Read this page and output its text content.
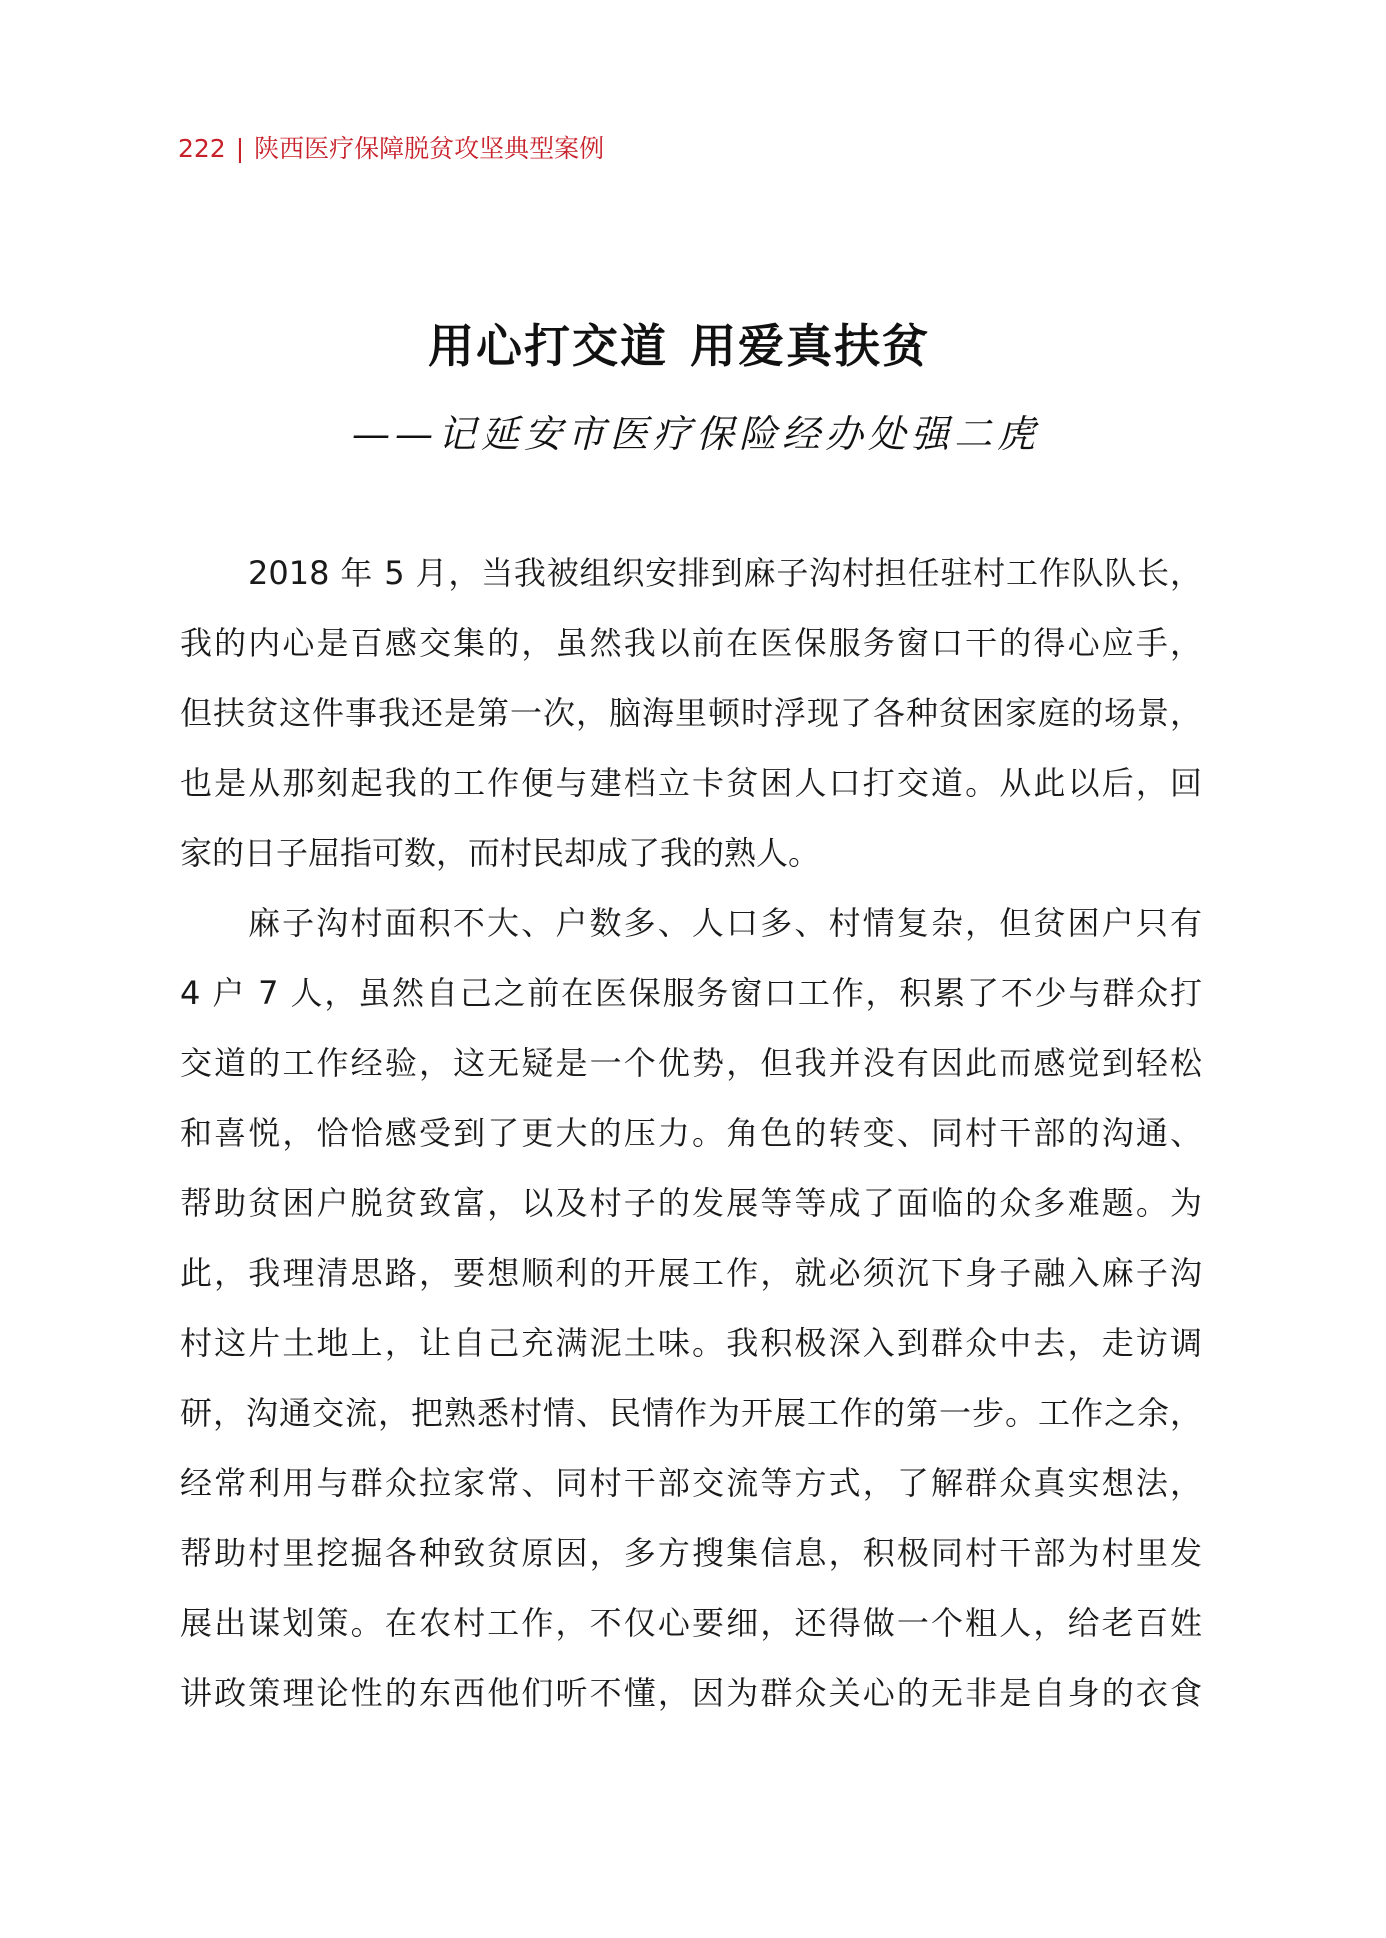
222 | 陕西医疗保障脱贫攻坚典型案例
用心打交道 用爱真扶贫
——记延安市医疗保险经办处强二虎
2018 年 5 月，当我被组织安排到麻子沟村担任驻村工作队队长，
我的内心是百感交集的，虽然我以前在医保服务窗口干的得心应手，
但扶贫这件事我还是第一次，脑海里顿时浮现了各种贫困家庭的场景，
也是从那刻起我的工作便与建档立卡贫困人口打交道。从此以后，回
家的日子屈指可数，而村民却成了我的熟人。
麻子沟村面积不大、户数多、人口多、村情复杂，但贫困户只有
4 户 7 人，虽然自己之前在医保服务窗口工作，积累了不少与群众打
交道的工作经验，这无疑是一个优势，但我并没有因此而感觉到轻松
和喜悦，恰恰感受到了更大的压力。角色的转变、同村干部的沟通、
帮助贫困户脱贫致富，以及村子的发展等等成了面临的众多难题。为
此，我理清思路，要想顺利的开展工作，就必须沉下身子融入麻子沟
村这片土地上，让自己充满泥土味。我积极深入到群众中去，走访调
研，沟通交流，把熟悉村情、民情作为开展工作的第一步。工作之余，
经常利用与群众拉家常、同村干部交流等方式，了解群众真实想法，
帮助村里挖掘各种致贫原因，多方搜集信息，积极同村干部为村里发
展出谋划策。在农村工作，不仅心要细，还得做一个粗人，给老百姓
讲政策理论性的东西他们听不懂，因为群众关心的无非是自身的衣食
